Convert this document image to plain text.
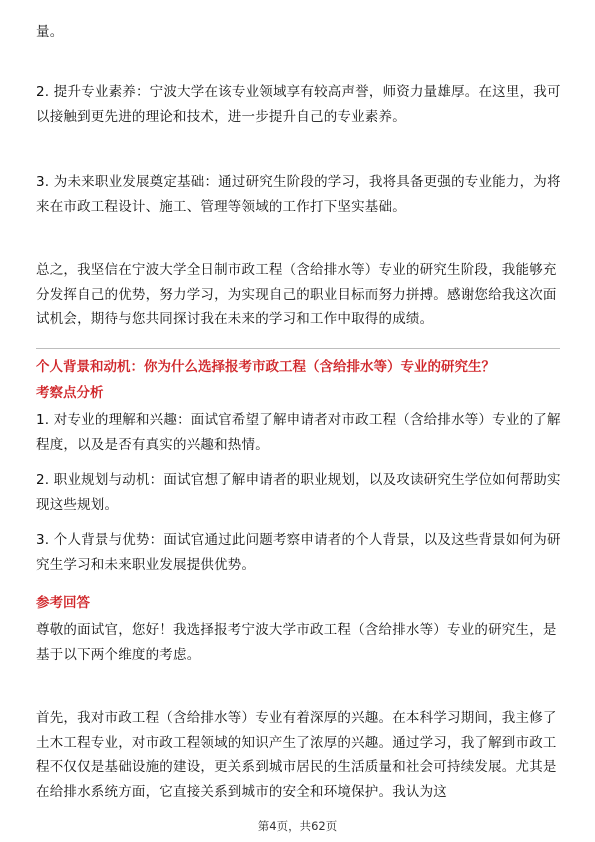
量。
2. 提升专业素养：宁波大学在该专业领域享有较高声誉，师资力量雄厚。在这里，我可以接触到更先进的理论和技术，进一步提升自己的专业素养。
3. 为未来职业发展奠定基础：通过研究生阶段的学习，我将具备更强的专业能力，为将来在市政工程设计、施工、管理等领域的工作打下坚实基础。
总之，我坚信在宁波大学全日制市政工程（含给排水等）专业的研究生阶段，我能够充分发挥自己的优势，努力学习，为实现自己的职业目标而努力拼搏。感谢您给我这次面试机会，期待与您共同探讨我在未来的学习和工作中取得的成绩。
个人背景和动机：你为什么选择报考市政工程（含给排水等）专业的研究生？
考察点分析
1. 对专业的理解和兴趣：面试官希望了解申请者对市政工程（含给排水等）专业的了解程度，以及是否有真实的兴趣和热情。
2. 职业规划与动机：面试官想了解申请者的职业规划，以及攻读研究生学位如何帮助实现这些规划。
3. 个人背景与优势：面试官通过此问题考察申请者的个人背景，以及这些背景如何为研究生学习和未来职业发展提供优势。
参考回答
尊敬的面试官，您好！我选择报考宁波大学市政工程（含给排水等）专业的研究生，是基于以下两个维度的考虑。
首先，我对市政工程（含给排水等）专业有着深厚的兴趣。在本科学习期间，我主修了土木工程专业，对市政工程领域的知识产生了浓厚的兴趣。通过学习，我了解到市政工程不仅仅是基础设施的建设，更关系到城市居民的生活质量和社会可持续发展。尤其是在给排水系统方面，它直接关系到城市的安全和环境保护。我认为这
第4页，共62页
